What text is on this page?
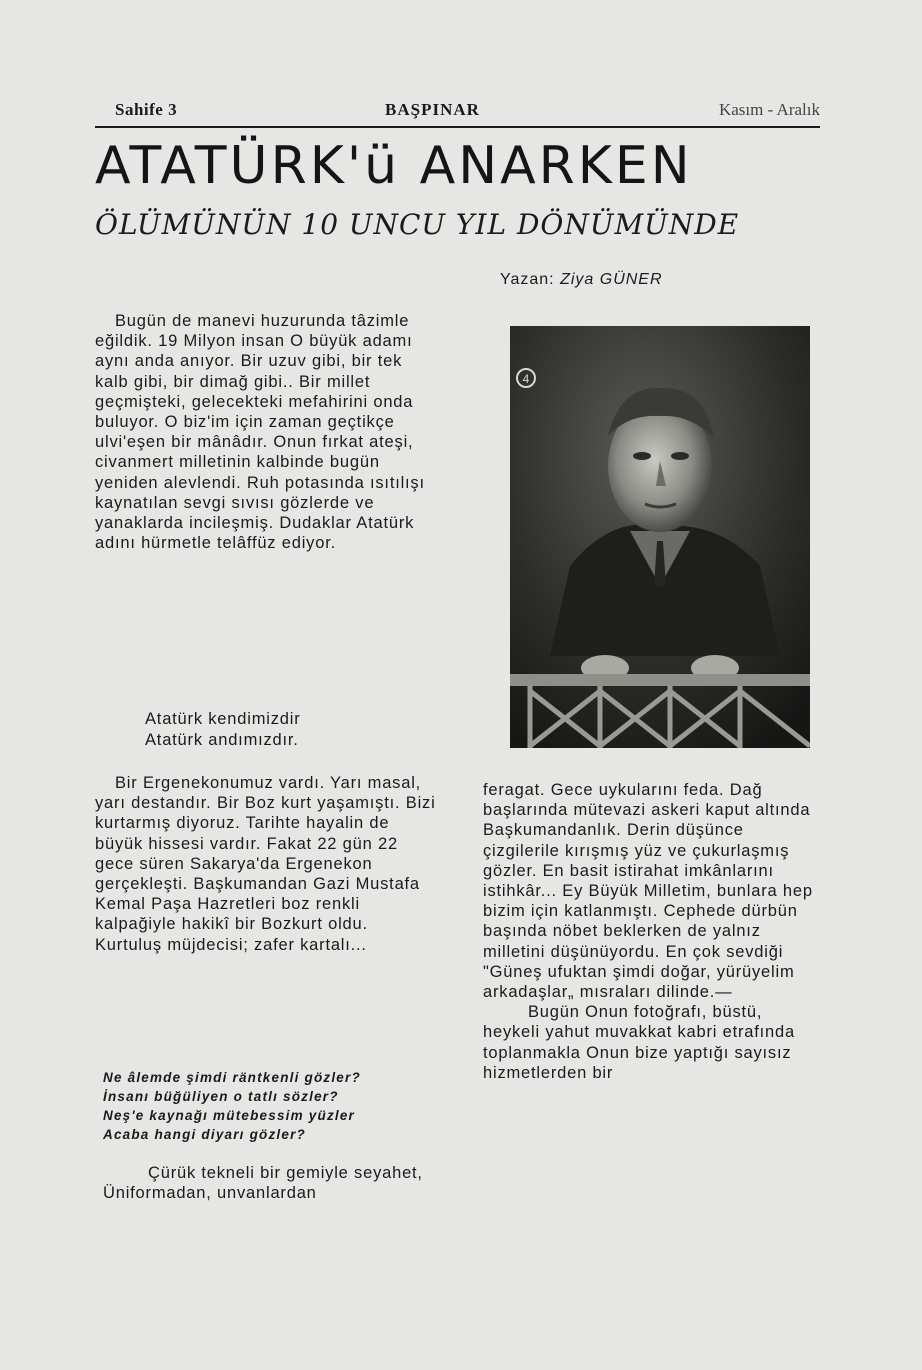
Sahife 3	BAŞPINAR	Kasım - Aralık
ATATÜRK'ü ANARKEN
ÖLÜMÜNÜN 10 UNCU YIL DÖNÜMÜNDE
Yazan: Ziya GÜNER

Bugün de manevi huzurunda tâzimle eğildik. 19 Milyon insan O büyük adamı aynı anda anıyor. Bir uzuv gibi, bir tek kalb gibi, bir dimağ gibi.. Bir millet geçmişteki, gelecekteki mefahirini onda buluyor. O biz'im için zaman geçtikçe ulvi'eşen bir mânâdır. Onun fırkat ateşi, civanmert milletinin kalbinde bugün yeniden alevlendi. Ruh potasında ısıtılışı kaynatılan sevgi sıvısı gözlerde ve yanaklarda incileşmiş. Dudaklar Atatürk adını hürmetle telâffüz ediyor.

Atatürk kendimizdir
Atatürk andımızdır.

Bir Ergenekonumuz vardı. Yarı masal, yarı destandır. Bir Boz kurt yaşamıştı. Bizi kurtarmış diyoruz. Tarihte hayalin de büyük hissesi vardır. Fakat 22 gün 22 gece süren Sakarya'da Ergenekon gerçekleşti. Başkumandan Gazi Mustafa Kemal Paşa Hazretleri boz renkli kalpağiyle hakikî bir Bozkurt oldu. Kurtuluş müjdecisi; zafer kartalı...

Ne âlemde şimdi räntkenli gözler?
İnsanı büğüliyen o tatlı sözler?
Neş'e kaynağı mütebessim yüzler
Acaba hangi diyarı gözler?

Çürük tekneli bir gemiyle seyahet, Üniformadan, unvanlardan

4

feragat. Gece uykularını feda. Dağ başlarında mütevazi askeri kaput altında Başkumandanlık. Derin düşünce çizgilerile kırışmış yüz ve çukurlaşmış gözler. En basit istirahat imkânlarını istihkâr... Ey Büyük Milletim, bunlara hep bizim için katlanmıştı. Cephede dürbün başında nöbet beklerken de yalnız milletini düşünüyordu. En çok sevdiği "Güneş ufuktan şimdi doğar, yürüyelim arkadaşlar„ mısraları dilinde.—

Bugün Onun fotoğrafı, büstü, heykeli yahut muvakkat kabri etrafında toplanmakla Onun bize yaptığı sayısız hizmetlerden bir
